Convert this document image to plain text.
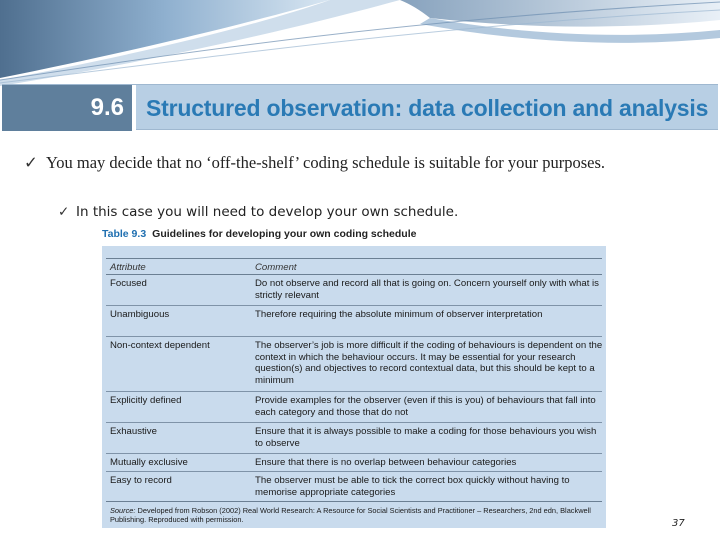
9.6 Structured observation: data collection and analysis
✓ You may decide that no ‘off-the-shelf’ coding schedule is suitable for your purposes.
✓ In this case you will need to develop your own schedule.
Table 9.3 Guidelines for developing your own coding schedule
Attribute	Comment
Focused	Do not observe and record all that is going on. Concern yourself only with what is strictly relevant
Unambiguous	Therefore requiring the absolute minimum of observer interpretation
Non-context dependent	The observer’s job is more difficult if the coding of behaviours is dependent on the context in which the behaviour occurs. It may be essential for your research question(s) and objectives to record contextual data, but this should be kept to a minimum
Explicitly defined	Provide examples for the observer (even if this is you) of behaviours that fall into each category and those that do not
Exhaustive	Ensure that it is always possible to make a coding for those behaviours you wish to observe
Mutually exclusive	Ensure that there is no overlap between behaviour categories
Easy to record	The observer must be able to tick the correct box quickly without having to memorise appropriate categories
Source: Developed from Robson (2002) Real World Research: A Resource for Social Scientists and Practitioner – Researchers, 2nd edn, Blackwell Publishing. Reproduced with permission.	37
